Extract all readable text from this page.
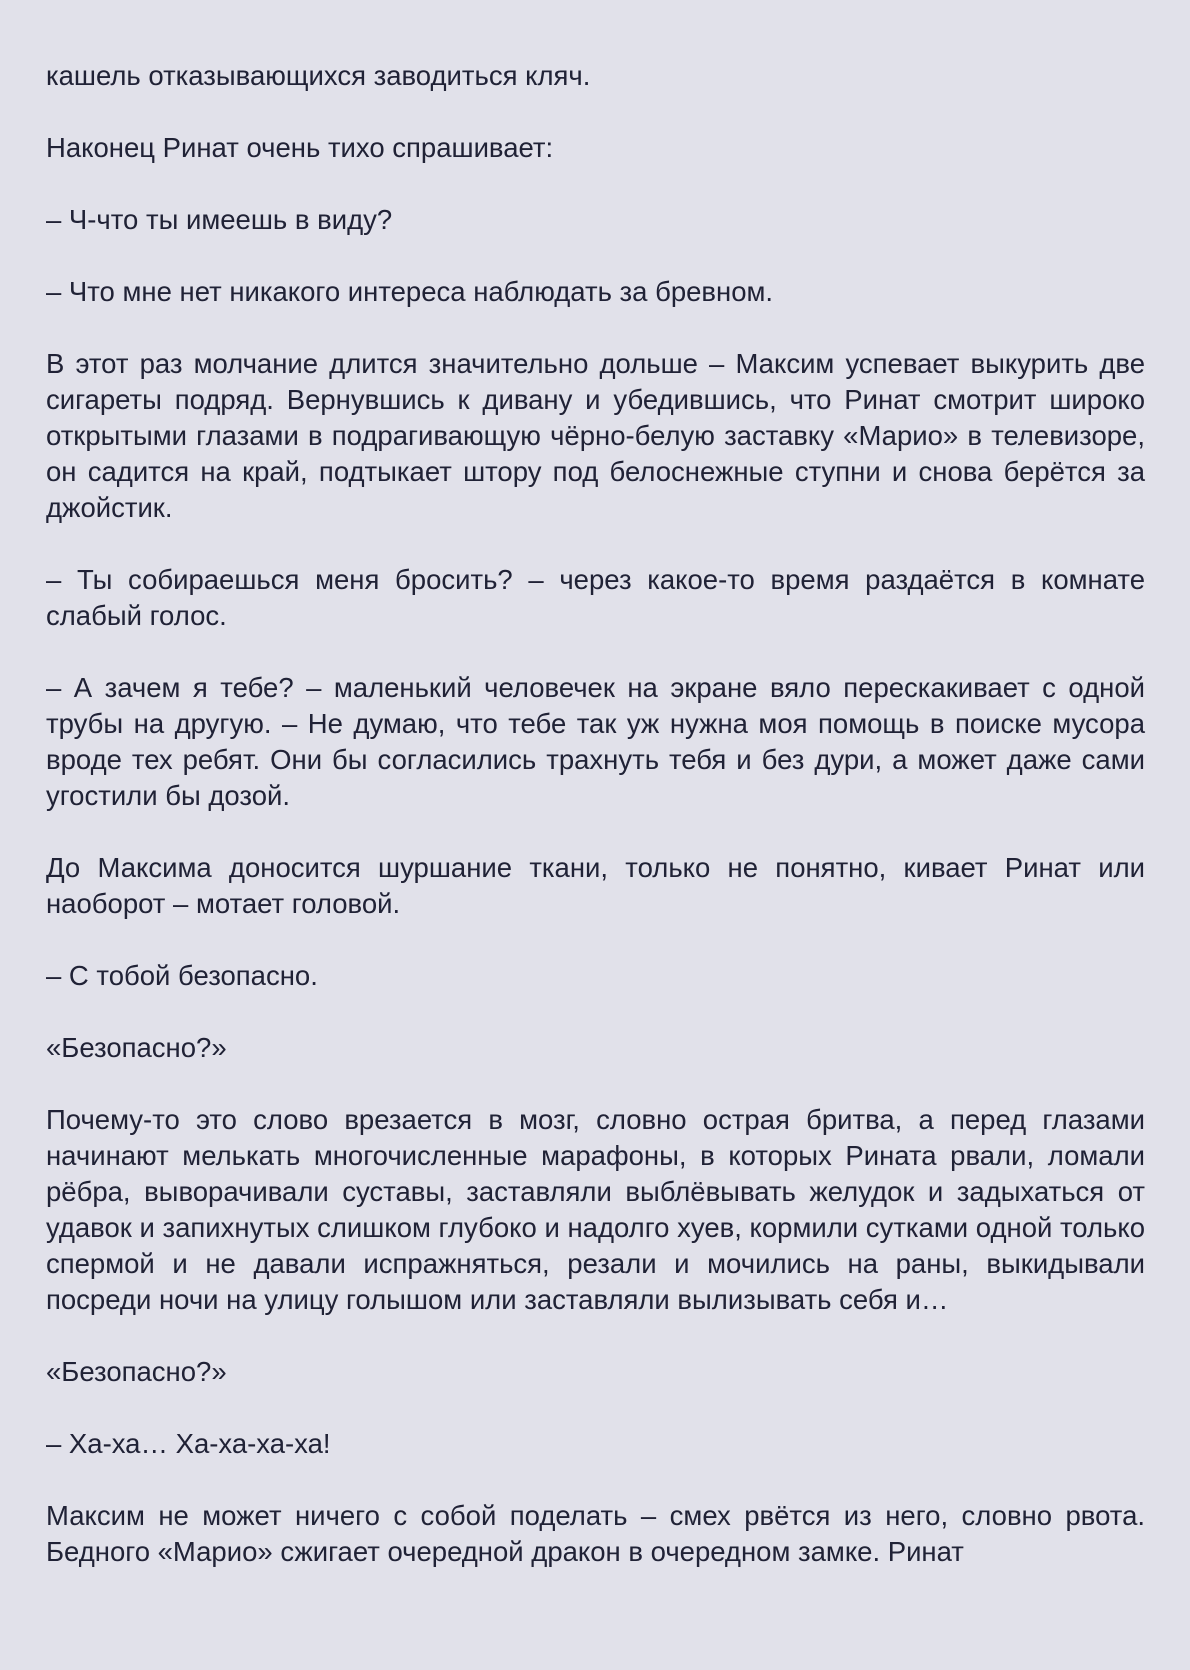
кашель отказывающихся заводиться кляч.

Наконец Ринат очень тихо спрашивает:

– Ч-что ты имеешь в виду?

– Что мне нет никакого интереса наблюдать за бревном.

В этот раз молчание длится значительно дольше – Максим успевает выкурить две сигареты подряд. Вернувшись к дивану и убедившись, что Ринат смотрит широко открытыми глазами в подрагивающую чёрно-белую заставку «Марио» в телевизоре, он садится на край, подтыкает штору под белоснежные ступни и снова берётся за джойстик.

– Ты собираешься меня бросить? – через какое-то время раздаётся в комнате слабый голос.

– А зачем я тебе? – маленький человечек на экране вяло перескакивает с одной трубы на другую. – Не думаю, что тебе так уж нужна моя помощь в поиске мусора вроде тех ребят. Они бы согласились трахнуть тебя и без дури, а может даже сами угостили бы дозой.

До Максима доносится шуршание ткани, только не понятно, кивает Ринат или наоборот – мотает головой.

– С тобой безопасно.

«Безопасно?»

Почему-то это слово врезается в мозг, словно острая бритва, а перед глазами начинают мелькать многочисленные марафоны, в которых Рината рвали, ломали рёбра, выворачивали суставы, заставляли выблёвывать желудок и задыхаться от удавок и запихнутых слишком глубоко и надолго хуев, кормили сутками одной только спермой и не давали испражняться, резали и мочились на раны, выкидывали посреди ночи на улицу голышом или заставляли вылизывать себя и…

«Безопасно?»

– Ха-ха… Ха-ха-ха-ха!

Максим не может ничего с собой поделать – смех рвётся из него, словно рвота. Бедного «Марио» сжигает очередной дракон в очередном замке. Ринат
